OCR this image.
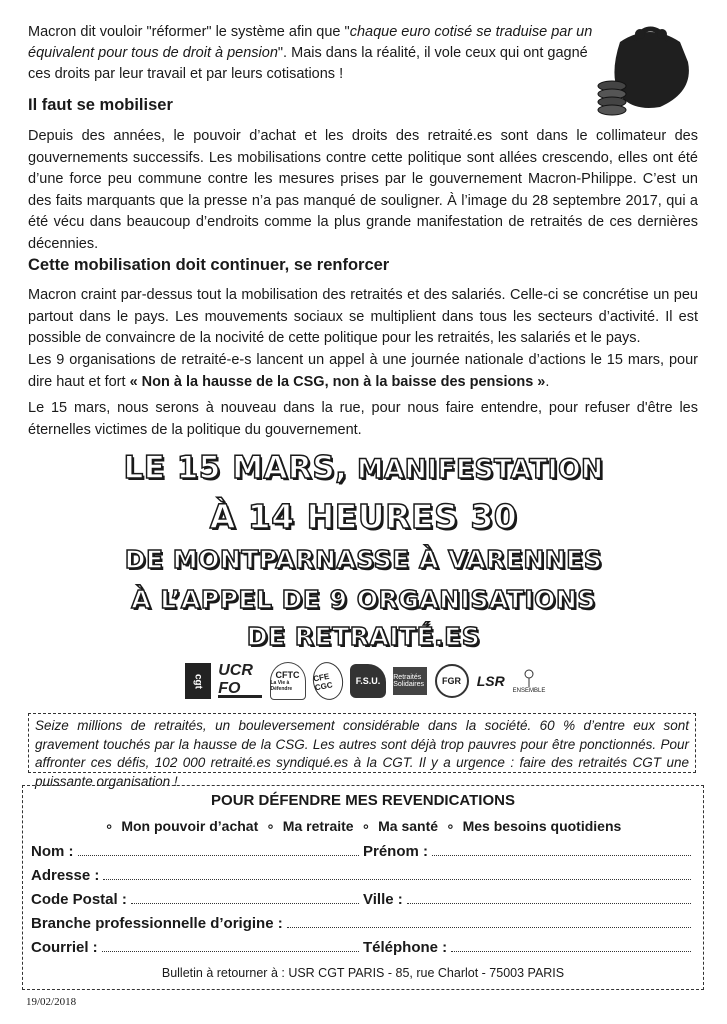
Macron dit vouloir "réformer" le système afin que "chaque euro cotisé se traduise par un équivalent pour tous de droit à pension". Mais dans la réalité, il vole ceux qui ont gagné ces droits par leur travail et par leurs cotisations !

Il faut se mobiliser

Depuis des années, le pouvoir d’achat et les droits des retraité.es sont dans le collimateur des gouvernements successifs. Les mobilisations contre cette politique sont allées crescendo, elles ont été d’une force peu commune contre les mesures prises par le gouvernement Macron-Philippe. C’est un des faits marquants que la presse n’a pas manqué de souligner. À l’image du 28 septembre 2017, qui a été vécu dans beaucoup d’endroits comme la plus grande manifestation de retraités de ces dernières décennies.

Cette mobilisation doit continuer, se renforcer

Macron craint par-dessus tout la mobilisation des retraités et des salariés. Celle-ci se concrétise un peu partout dans le pays. Les mouvements sociaux se multiplient dans tous les secteurs d’activité. Il est possible de convaincre de la nocivité de cette politique pour les retraités, les salariés et le pays.

Les 9 organisations de retraité-e-s lancent un appel à une journée nationale d’actions le 15 mars, pour dire haut et fort « Non à la hausse de la CSG, non à la baisse des pensions ».

Le 15 mars, nous serons à nouveau dans la rue, pour nous faire entendre, pour refuser d'être les éternelles victimes de la politique du gouvernement.

LE 15 MARS, MANIFESTATION
À 14 HEURES 30
DE MONTPARNASSE À VARENNES
À L’APPEL DE 9 ORGANISATIONS
DE RETRAITÉ.ES
cgt
UCR FO
CFTC
La Vie à Défendre
CFE CGC	F.S.U.	Retraités Solidaires	FGR	LSR
ENSEMBLE
Seize millions de retraités, un bouleversement considérable dans la société. 60 % d’entre eux sont gravement touchés par la hausse de la CSG. Les autres sont déjà trop pauvres pour être ponctionnés. Pour affronter ces défis, 102 000 retraité.es syndiqué.es à la CGT. Il y a urgence : faire des retraités CGT une puissante organisation !
POUR DÉFENDRE MES REVENDICATIONS
∘ Mon pouvoir d’achat ∘ Ma retraite ∘ Ma santé ∘ Mes besoins quotidiens
Nom :	Prénom :
Adresse :
Code Postal :	Ville :
Branche professionnelle d’origine :
Courriel :	Téléphone :
Bulletin à retourner à : USR CGT PARIS - 85, rue Charlot - 75003 PARIS
19/02/2018
